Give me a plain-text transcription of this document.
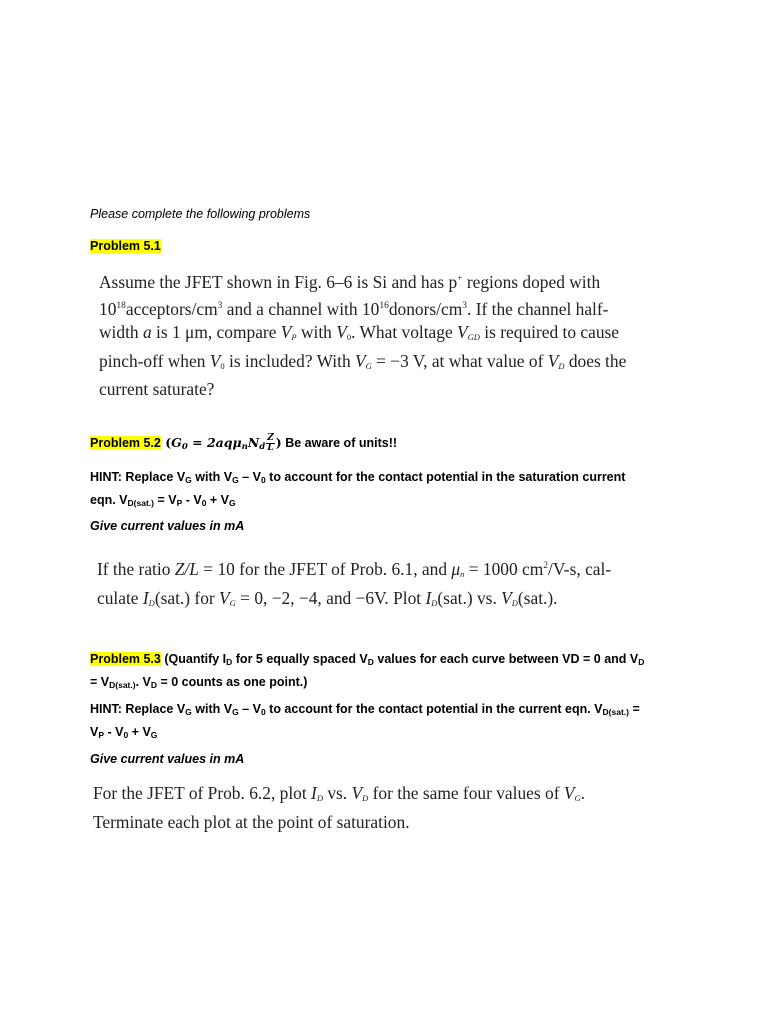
Please complete the following problems
Problem 5.1
Assume the JFET shown in Fig. 6–6 is Si and has p+ regions doped with
$10^{18}acceptors/cm^3$ and a channel with $10^{16}donors/cm^3$. If the channel half-
width a is 1 μm, compare $V_P$ with $V_0$. What voltage $V_{GD}$ is required to cause
pinch-off when $V_0$ is included? With $V_G = -3$ V, at what value of $V_D$ does the
current saturate?
Problem 5.2 ($G_0 = 2aq\mu_nN_d \frac{Z}{L}$ ) Be aware of units!!
HINT: Replace $V_G$ with $V_G - V_0$ to account for the contact potential in the saturation current
eqn. $V_{D(sat.)} = V_P - V_0 + V_G$
Give current values in mA
If the ratio Z/L = 10 for the JFET of Prob. 6.1, and $\mu_n = 1000$ $cm^2/V-s$, cal-
culate $I_D(sat.)$ for $V_G = 0$, −2, −4, and −6V. Plot $I_D(sat.)$ vs. $V_D(sat.)$.
Problem 5.3 (Quantify $I_D$ for 5 equally spaced $V_D$ values for each curve between VD = 0 and $V_D$
= $V_{D(sat.)}$. $V_D = 0$ counts as one point.)
HINT: Replace $V_G$ with $V_G - V_0$ to account for the contact potential in the current eqn. $V_{D(sat.)}$ =
$V_P - V_0 + V_G$
Give current values in mA
For the JFET of Prob. 6.2, plot $I_D$ vs. $V_D$ for the same four values of $V_G$.
Terminate each plot at the point of saturation.
